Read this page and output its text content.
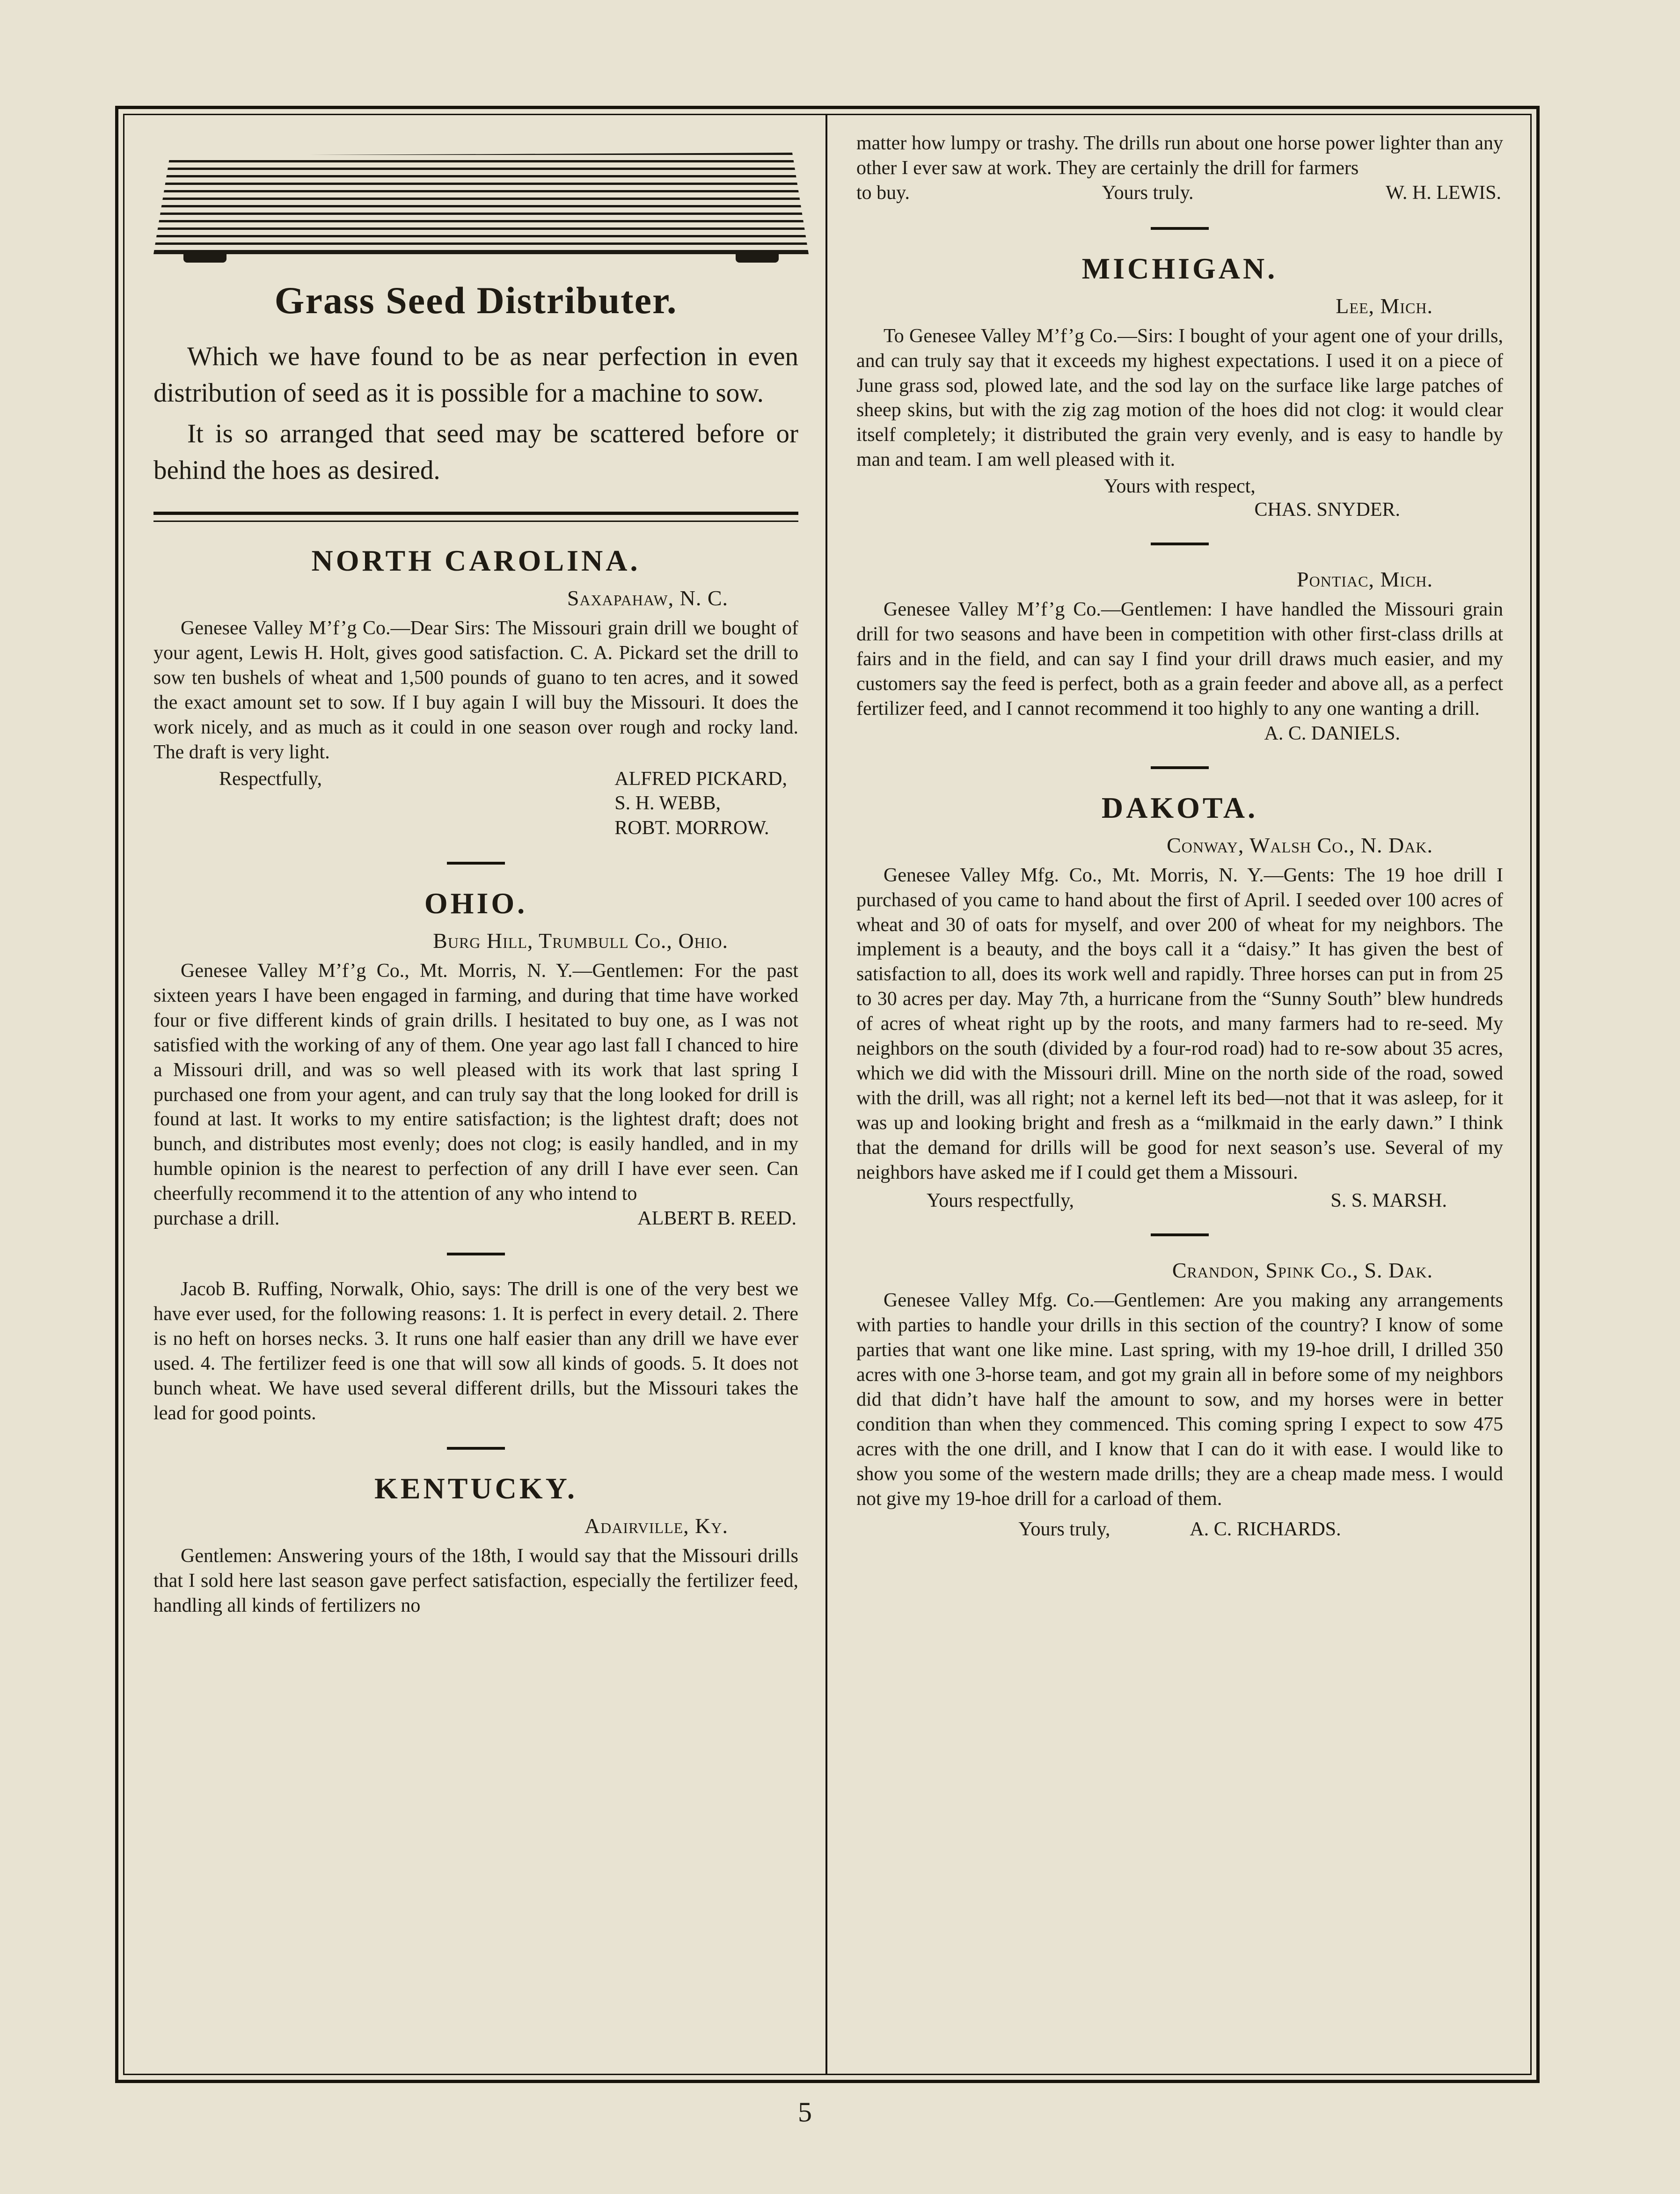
Grass Seed Distributer.

Which we have found to be as near perfection in even distribution of seed as it is possible for a machine to sow.

It is so arranged that seed may be scattered before or behind the hoes as desired.

NORTH CAROLINA.
Saxapahaw, N. C.

Genesee Valley M’f’g Co.—Dear Sirs: The Missouri grain drill we bought of your agent, Lewis H. Holt, gives good satisfaction. C. A. Pickard set the drill to sow ten bushels of wheat and 1,500 pounds of guano to ten acres, and it sowed the exact amount set to sow. If I buy again I will buy the Missouri. It does the work nicely, and as much as it could in one season over rough and rocky land. The draft is very light.

Respectfully,	ALFRED PICKARD,
S. H. WEBB,
ROBT. MORROW.
OHIO.
Burg Hill, Trumbull Co., Ohio.

Genesee Valley M’f’g Co., Mt. Morris, N. Y.—Gentlemen: For the past sixteen years I have been engaged in farming, and during that time have worked four or five different kinds of grain drills. I hesitated to buy one, as I was not satisfied with the working of any of them. One year ago last fall I chanced to hire a Missouri drill, and was so well pleased with its work that last spring I purchased one from your agent, and can truly say that the long looked for drill is found at last. It works to my entire satisfaction; is the lightest draft; does not bunch, and distributes most evenly; does not clog; is easily handled, and in my humble opinion is the nearest to perfection of any drill I have ever seen. Can cheerfully recommend it to the attention of any who intend to

purchase a drill.	ALBERT B. REED.

Jacob B. Ruffing, Norwalk, Ohio, says: The drill is one of the very best we have ever used, for the following reasons: 1. It is perfect in every detail. 2. There is no heft on horses necks. 3. It runs one half easier than any drill we have ever used. 4. The fertilizer feed is one that will sow all kinds of goods. 5. It does not bunch wheat. We have used several different drills, but the Missouri takes the lead for good points.

KENTUCKY.
Adairville, Ky.

Gentlemen: Answering yours of the 18th, I would say that the Missouri drills that I sold here last season gave perfect satisfaction, especially the fertilizer feed, handling all kinds of fertilizers no

matter how lumpy or trashy. The drills run about one horse power lighter than any other I ever saw at work. They are certainly the drill for farmers

to buy.	Yours truly.	W. H. LEWIS.
MICHIGAN.
Lee, Mich.

To Genesee Valley M’f’g Co.—Sirs: I bought of your agent one of your drills, and can truly say that it exceeds my highest expectations. I used it on a piece of June grass sod, plowed late, and the sod lay on the surface like large patches of sheep skins, but with the zig zag motion of the hoes did not clog: it would clear itself completely; it distributed the grain very evenly, and is easy to handle by man and team. I am well pleased with it.

Yours with respect,
CHAS. SNYDER.
Pontiac, Mich.

Genesee Valley M’f’g Co.—Gentlemen: I have handled the Missouri grain drill for two seasons and have been in competition with other first-class drills at fairs and in the field, and can say I find your drill draws much easier, and my customers say the feed is perfect, both as a grain feeder and above all, as a perfect fertilizer feed, and I cannot recommend it too highly to any one wanting a drill.

A. C. DANIELS.
DAKOTA.
Conway, Walsh Co., N. Dak.

Genesee Valley Mfg. Co., Mt. Morris, N. Y.—Gents: The 19 hoe drill I purchased of you came to hand about the first of April. I seeded over 100 acres of wheat and 30 of oats for myself, and over 200 of wheat for my neighbors. The implement is a beauty, and the boys call it a “daisy.” It has given the best of satisfaction to all, does its work well and rapidly. Three horses can put in from 25 to 30 acres per day. May 7th, a hurricane from the “Sunny South” blew hundreds of acres of wheat right up by the roots, and many farmers had to re-seed. My neighbors on the south (divided by a four-rod road) had to re-sow about 35 acres, which we did with the Missouri drill. Mine on the north side of the road, sowed with the drill, was all right; not a kernel left its bed—not that it was asleep, for it was up and looking bright and fresh as a “milkmaid in the early dawn.” I think that the demand for drills will be good for next season’s use. Several of my neighbors have asked me if I could get them a Missouri.

Yours respectfully,	S. S. MARSH.
Crandon, Spink Co., S. Dak.

Genesee Valley Mfg. Co.—Gentlemen: Are you making any arrangements with parties to handle your drills in this section of the country? I know of some parties that want one like mine. Last spring, with my 19-hoe drill, I drilled 350 acres with one 3-horse team, and got my grain all in before some of my neighbors did that didn’t have half the amount to sow, and my horses were in better condition than when they commenced. This coming spring I expect to sow 475 acres with the one drill, and I know that I can do it with ease. I would like to show you some of the western made drills; they are a cheap made mess. I would not give my 19-hoe drill for a carload of them.

Yours truly,	A. C. RICHARDS.
5
